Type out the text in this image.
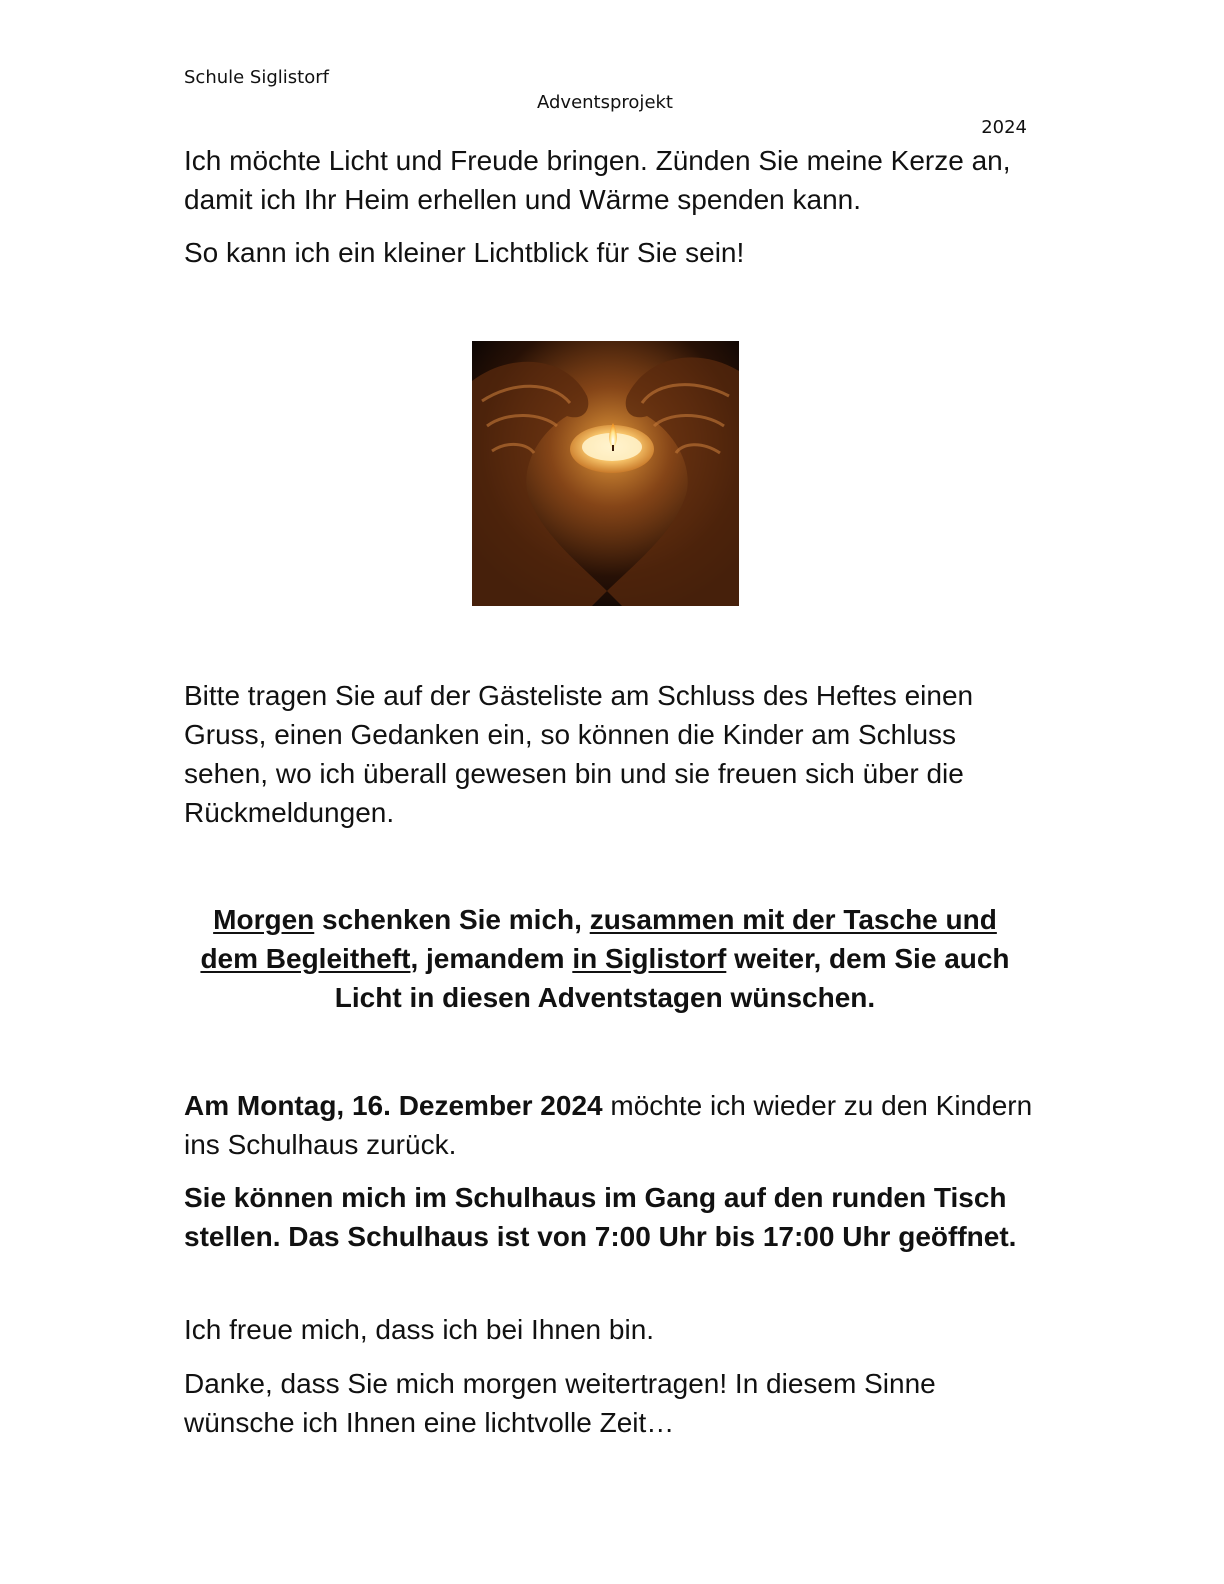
Schule Siglistorf
Adventsprojekt
2024

Ich möchte Licht und Freude bringen. Zünden Sie meine Kerze an, damit ich Ihr Heim erhellen und Wärme spenden kann.

So kann ich ein kleiner Lichtblick für Sie sein!

Bitte tragen Sie auf der Gästeliste am Schluss des Heftes einen Gruss, einen Gedanken ein, so können die Kinder am Schluss sehen, wo ich überall gewesen bin und sie freuen sich über die Rückmeldungen.

Morgen schenken Sie mich, zusammen mit der Tasche und dem Begleitheft, jemandem in Siglistorf weiter, dem Sie auch Licht in diesen Adventstagen wünschen.

Am Montag, 16. Dezember 2024 möchte ich wieder zu den Kindern ins Schulhaus zurück.

Sie können mich im Schulhaus im Gang auf den runden Tisch stellen. Das Schulhaus ist von 7:00 Uhr bis 17:00 Uhr geöffnet.

Ich freue mich, dass ich bei Ihnen bin.

Danke, dass Sie mich morgen weitertragen! In diesem Sinne wünsche ich Ihnen eine lichtvolle Zeit…
